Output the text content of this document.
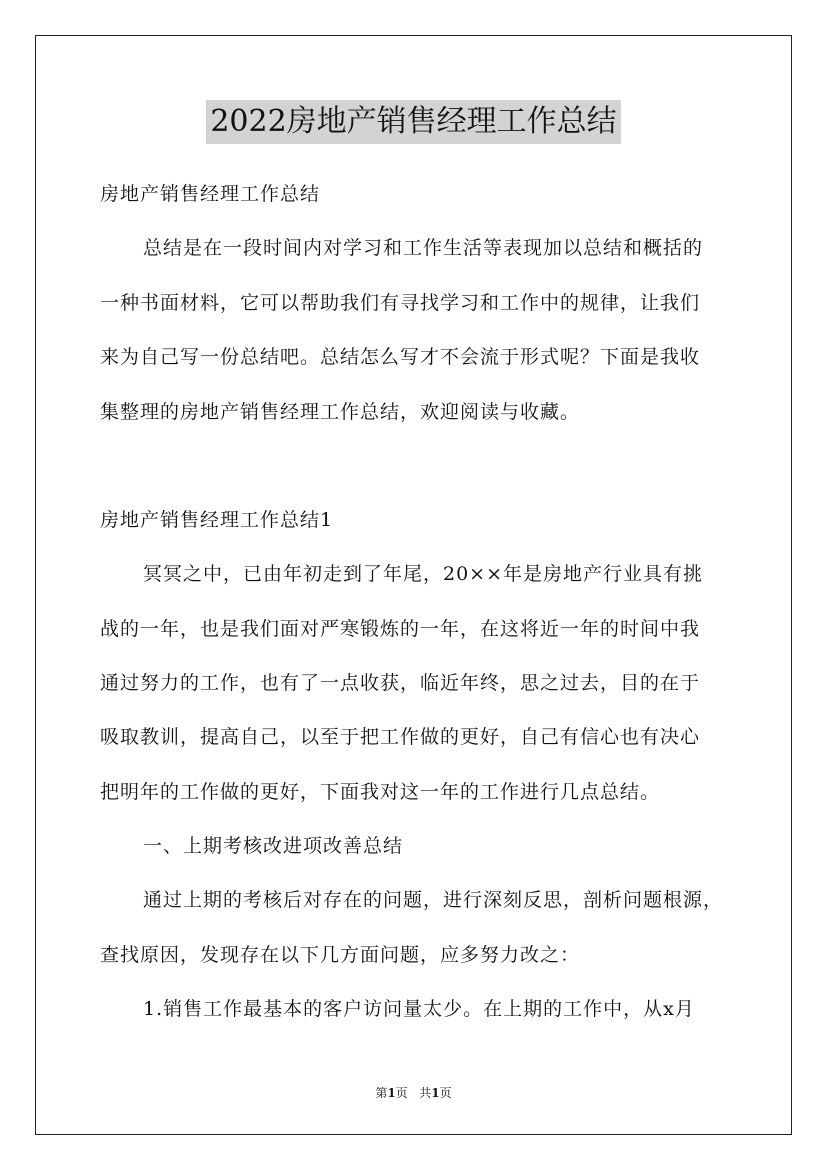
2022房地产销售经理工作总结
房地产销售经理工作总结
总结是在一段时间内对学习和工作生活等表现加以总结和概括的
一种书面材料，它可以帮助我们有寻找学习和工作中的规律，让我们
来为自己写一份总结吧。总结怎么写才不会流于形式呢？下面是我收
集整理的房地产销售经理工作总结，欢迎阅读与收藏。
房地产销售经理工作总结1
冥冥之中，已由年初走到了年尾，20××年是房地产行业具有挑
战的一年，也是我们面对严寒锻炼的一年，在这将近一年的时间中我
通过努力的工作，也有了一点收获，临近年终，思之过去，目的在于
吸取教训，提高自己，以至于把工作做的更好，自己有信心也有决心
把明年的工作做的更好，下面我对这一年的工作进行几点总结。
一、上期考核改进项改善总结
通过上期的考核后对存在的问题，进行深刻反思，剖析问题根源，
查找原因，发现存在以下几方面问题，应多努力改之：
1.销售工作最基本的客户访问量太少。在上期的工作中，从x月
第1页 共1页
